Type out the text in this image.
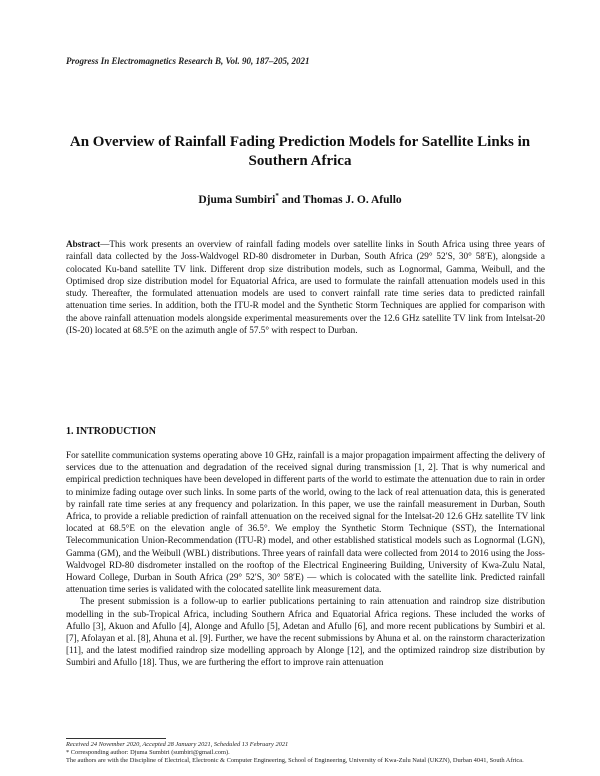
Progress In Electromagnetics Research B, Vol. 90, 187–205, 2021
An Overview of Rainfall Fading Prediction Models for Satellite Links in Southern Africa
Djuma Sumbiri* and Thomas J. O. Afullo
Abstract—This work presents an overview of rainfall fading models over satellite links in South Africa using three years of rainfall data collected by the Joss-Waldvogel RD-80 disdrometer in Durban, South Africa (29° 52′S, 30° 58′E), alongside a colocated Ku-band satellite TV link. Different drop size distribution models, such as Lognormal, Gamma, Weibull, and the Optimised drop size distribution model for Equatorial Africa, are used to formulate the rainfall attenuation models used in this study. Thereafter, the formulated attenuation models are used to convert rainfall rate time series data to predicted rainfall attenuation time series. In addition, both the ITU-R model and the Synthetic Storm Techniques are applied for comparison with the above rainfall attenuation models alongside experimental measurements over the 12.6 GHz satellite TV link from Intelsat-20 (IS-20) located at 68.5°E on the azimuth angle of 57.5° with respect to Durban.
1. INTRODUCTION

For satellite communication systems operating above 10 GHz, rainfall is a major propagation impairment affecting the delivery of services due to the attenuation and degradation of the received signal during transmission [1, 2]. That is why numerical and empirical prediction techniques have been developed in different parts of the world to estimate the attenuation due to rain in order to minimize fading outage over such links. In some parts of the world, owing to the lack of real attenuation data, this is generated by rainfall rate time series at any frequency and polarization. In this paper, we use the rainfall measurement in Durban, South Africa, to provide a reliable prediction of rainfall attenuation on the received signal for the Intelsat-20 12.6 GHz satellite TV link located at 68.5°E on the elevation angle of 36.5°. We employ the Synthetic Storm Technique (SST), the International Telecommunication Union-Recommendation (ITU-R) model, and other established statistical models such as Lognormal (LGN), Gamma (GM), and the Weibull (WBL) distributions. Three years of rainfall data were collected from 2014 to 2016 using the Joss-Waldvogel RD-80 disdrometer installed on the rooftop of the Electrical Engineering Building, University of Kwa-Zulu Natal, Howard College, Durban in South Africa (29° 52′S, 30° 58′E) — which is colocated with the satellite link. Predicted rainfall attenuation time series is validated with the colocated satellite link measurement data.

The present submission is a follow-up to earlier publications pertaining to rain attenuation and raindrop size distribution modelling in the sub-Tropical Africa, including Southern Africa and Equatorial Africa regions. These included the works of Afullo [3], Akuon and Afullo [4], Alonge and Afullo [5], Adetan and Afullo [6], and more recent publications by Sumbiri et al. [7], Afolayan et al. [8], Ahuna et al. [9]. Further, we have the recent submissions by Ahuna et al. on the rainstorm characterization [11], and the latest modified raindrop size modelling approach by Alonge [12], and the optimized raindrop size distribution by Sumbiri and Afullo [18]. Thus, we are furthering the effort to improve rain attenuation

Received 24 November 2020, Accepted 28 January 2021, Scheduled 13 February 2021
* Corresponding author: Djuma Sumbiri (sumbiri@gmail.com).
The authors are with the Discipline of Electrical, Electronic & Computer Engineering, School of Engineering, University of Kwa-Zulu Natal (UKZN), Durban 4041, South Africa.
